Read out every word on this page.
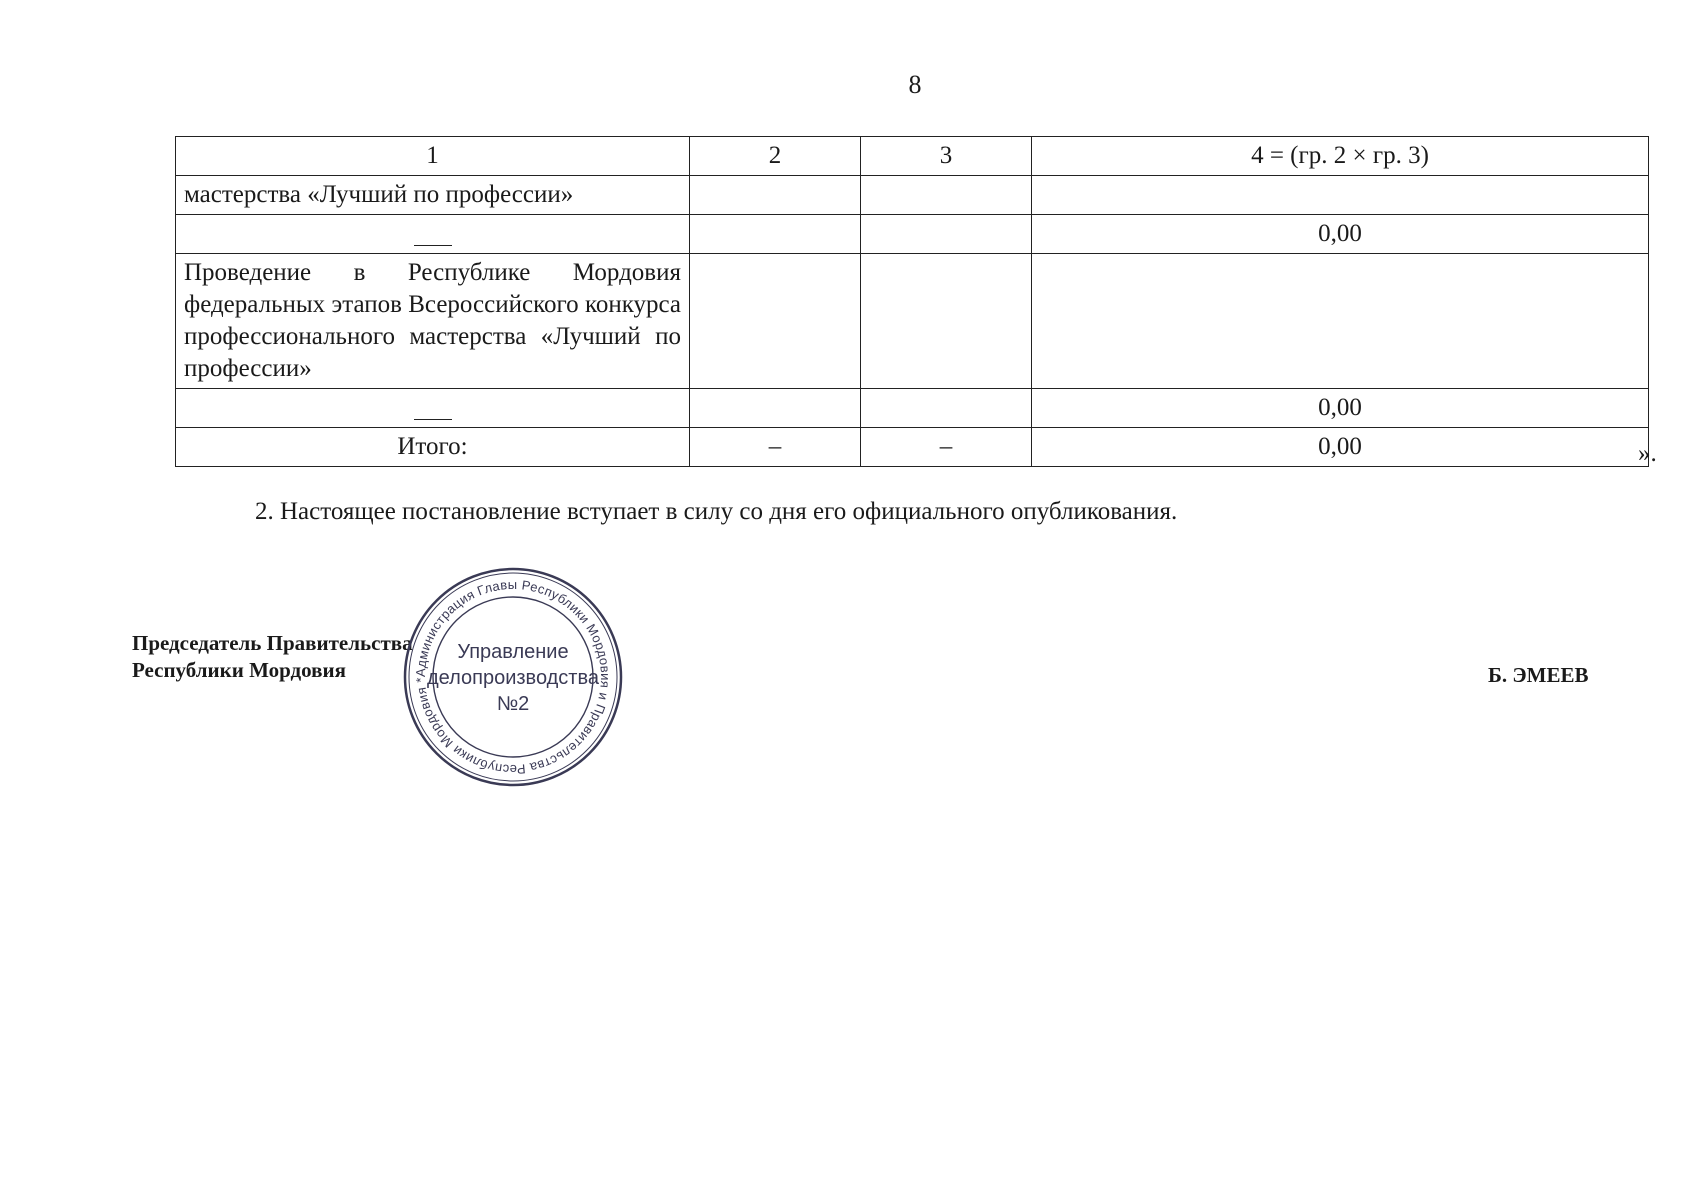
8
1	2	3	4 = (гр. 2 × гр. 3)
мастерства «Лучший по профессии»			
			0,00
Проведение в Республике Мордовия федеральных этапов Всероссийского конкурса профессионального мастерства «Лучший по профессии»			
			0,00
Итого:	–	–	0,00	».
2. Настоящее постановление вступает в силу со дня его официального опубликования.
Председатель Правительства
Республики Мордовия	Б. ЭМЕЕВ
Администрация Главы Республики Мордовия и Правительства Республики Мордовия *
Управление
делопроизводства
№2
